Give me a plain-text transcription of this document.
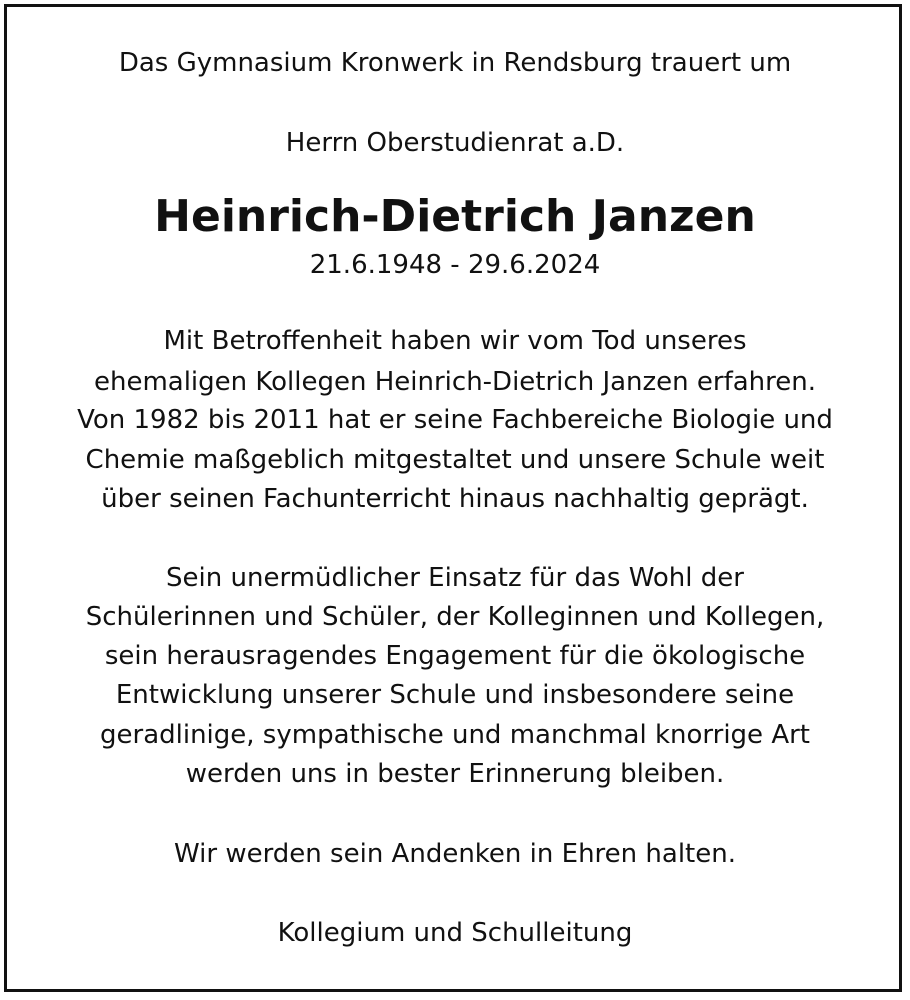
Das Gymnasium Kronwerk in Rendsburg trauert um
Herrn Oberstudienrat a.D.
Heinrich-Dietrich Janzen
21.6.1948 - 29.6.2024
Mit Betroffenheit haben wir vom Tod unseres
ehemaligen Kollegen Heinrich-Dietrich Janzen erfahren.
Von 1982 bis 2011 hat er seine Fachbereiche Biologie und
Chemie maßgeblich mitgestaltet und unsere Schule weit
über seinen Fachunterricht hinaus nachhaltig geprägt.
Sein unermüdlicher Einsatz für das Wohl der
Schülerinnen und Schüler, der Kolleginnen und Kollegen,
sein herausragendes Engagement für die ökologische
Entwicklung unserer Schule und insbesondere seine
geradlinige, sympathische und manchmal knorrige Art
werden uns in bester Erinnerung bleiben.
Wir werden sein Andenken in Ehren halten.
Kollegium und Schulleitung
